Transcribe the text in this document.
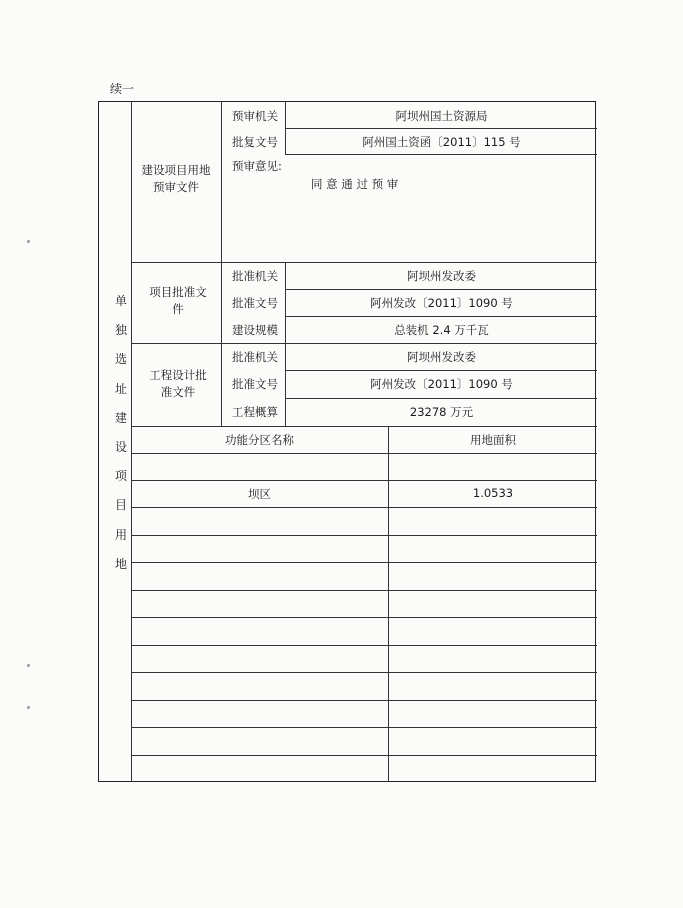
续一
单
独
选
址
建
设
项
目
用
地
建设项目用地预审文件
预审机关	阿坝州国土资源局
批复文号	阿州国土资函〔2011〕115 号
预审意见:
同 意 通 过 预 审
项目批准文 件
批准机关	阿坝州发改委
批准文号	阿州发改〔2011〕1090 号
建设规模	总装机 2.4 万千瓦
工程设计批准文件
批准机关	阿坝州发改委
批准文号	阿州发改〔2011〕1090 号
工程概算	23278 万元
功能分区名称	用地面积
坝区	1.0533
